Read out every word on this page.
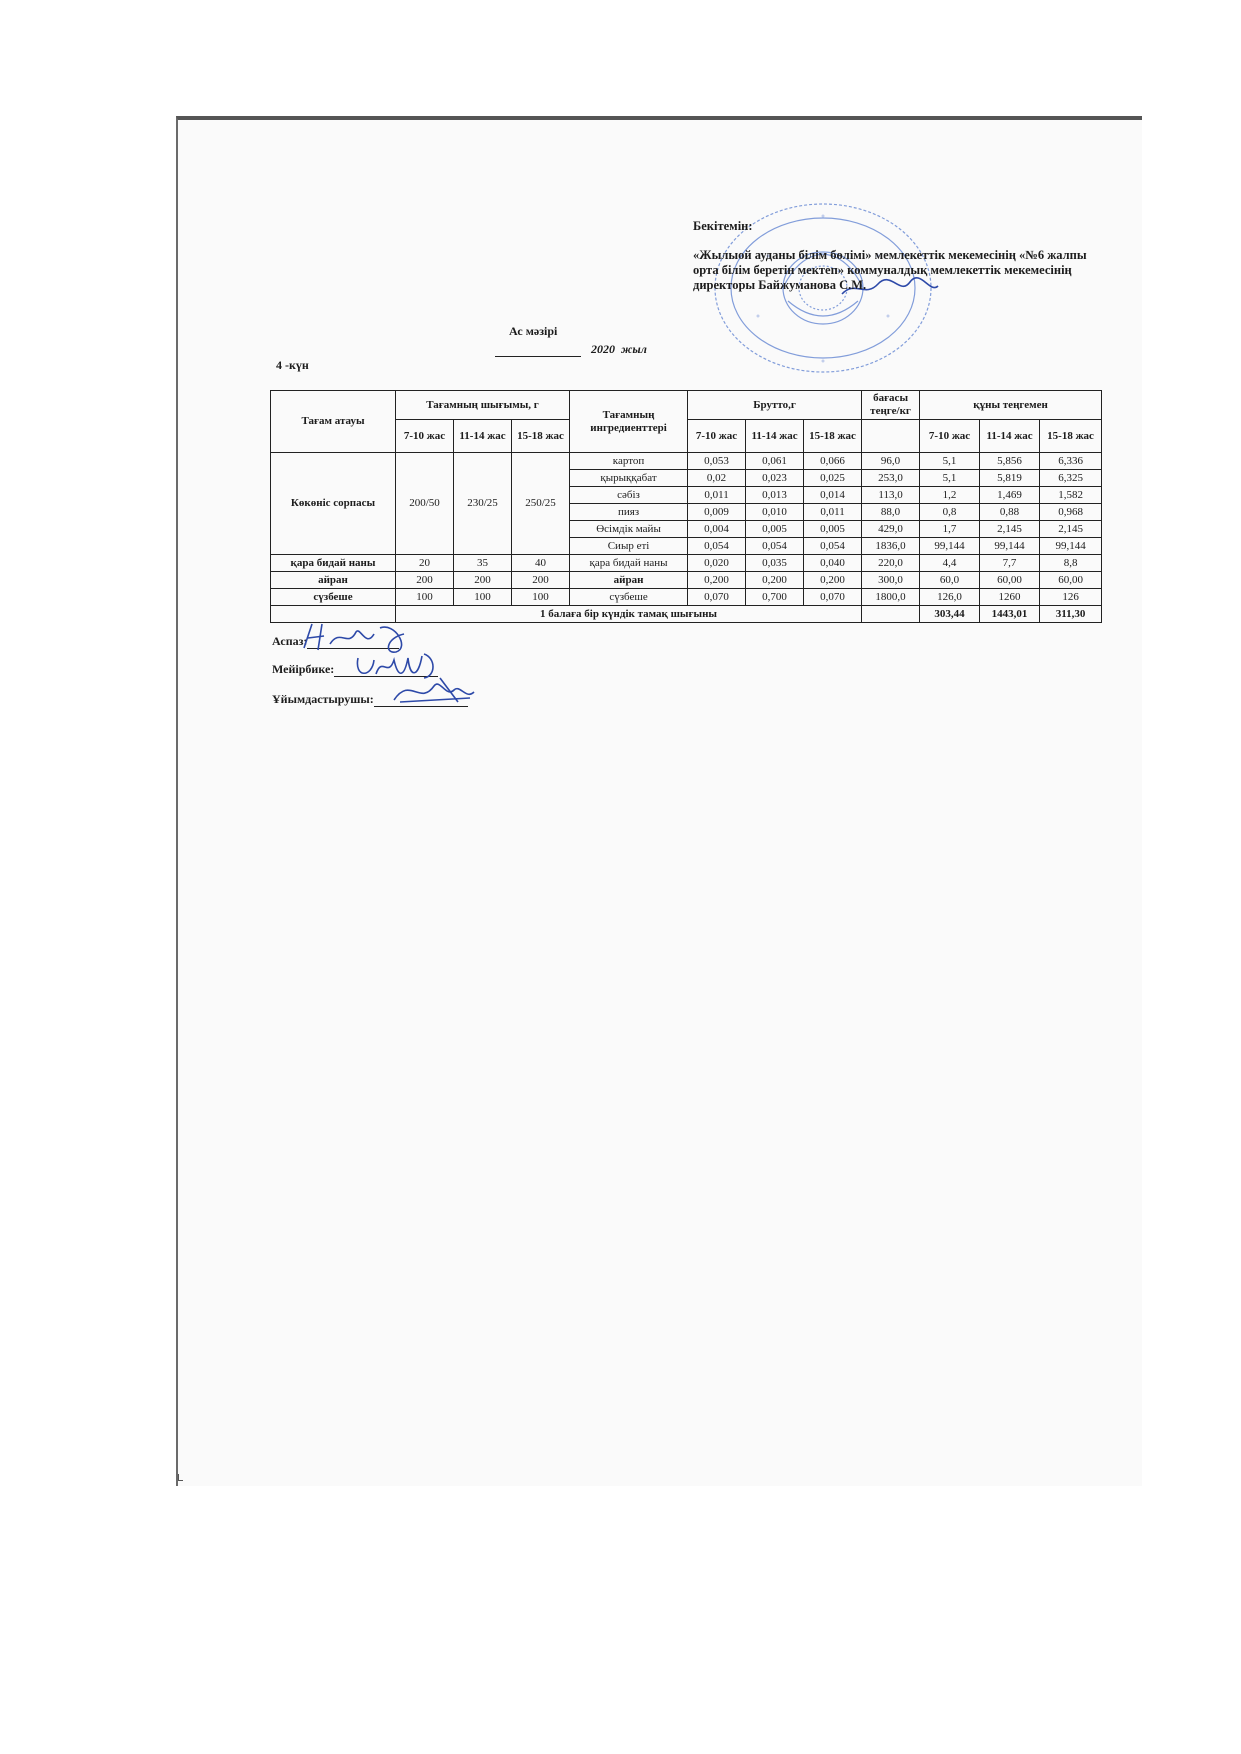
Бекітемін:
«Жылыой ауданы білім бөлімі» мемлекеттік мекемесінің «№6 жалпы орта білім беретін мектеп» коммуналдық мемлекеттік мекемесінің директоры Байжуманова С.М.
Ас мәзірі
2020 жыл
4 -күн
Тағам атауы	Тағамның шығымы, г			Тағамның ингредиенттері	Брутто,г			бағасы теңге/кг	құны теңгемен		
	7-10 жас	11-14 жас	15-18 жас		7-10 жас	11-14 жас	15-18 жас		7-10 жас	11-14 жас	15-18 жас
Көкөніс сорпасы	200/50	230/25	250/25	картоп	0,053	0,061	0,066	96,0	5,1	5,856	6,336
				қырыққабат	0,02	0,023	0,025	253,0	5,1	5,819	6,325
				сәбіз	0,011	0,013	0,014	113,0	1,2	1,469	1,582
				пияз	0,009	0,010	0,011	88,0	0,8	0,88	0,968
				Өсімдік майы	0,004	0,005	0,005	429,0	1,7	2,145	2,145
				Сиыр еті	0,054	0,054	0,054	1836,0	99,144	99,144	99,144
қара бидай наны	20	35	40	қара бидай наны	0,020	0,035	0,040	220,0	4,4	7,7	8,8
айран	200	200	200	айран	0,200	0,200	0,200	300,0	60,0	60,00	60,00
сүзбеше	100	100	100	сүзбеше	0,070	0,700	0,070	1800,0	126,0	1260	126
	1 балаға бір күндік тамақ шығыны								303,44	1443,01	311,30
Аспаз:
Мейірбике:
Ұйымдастырушы:
